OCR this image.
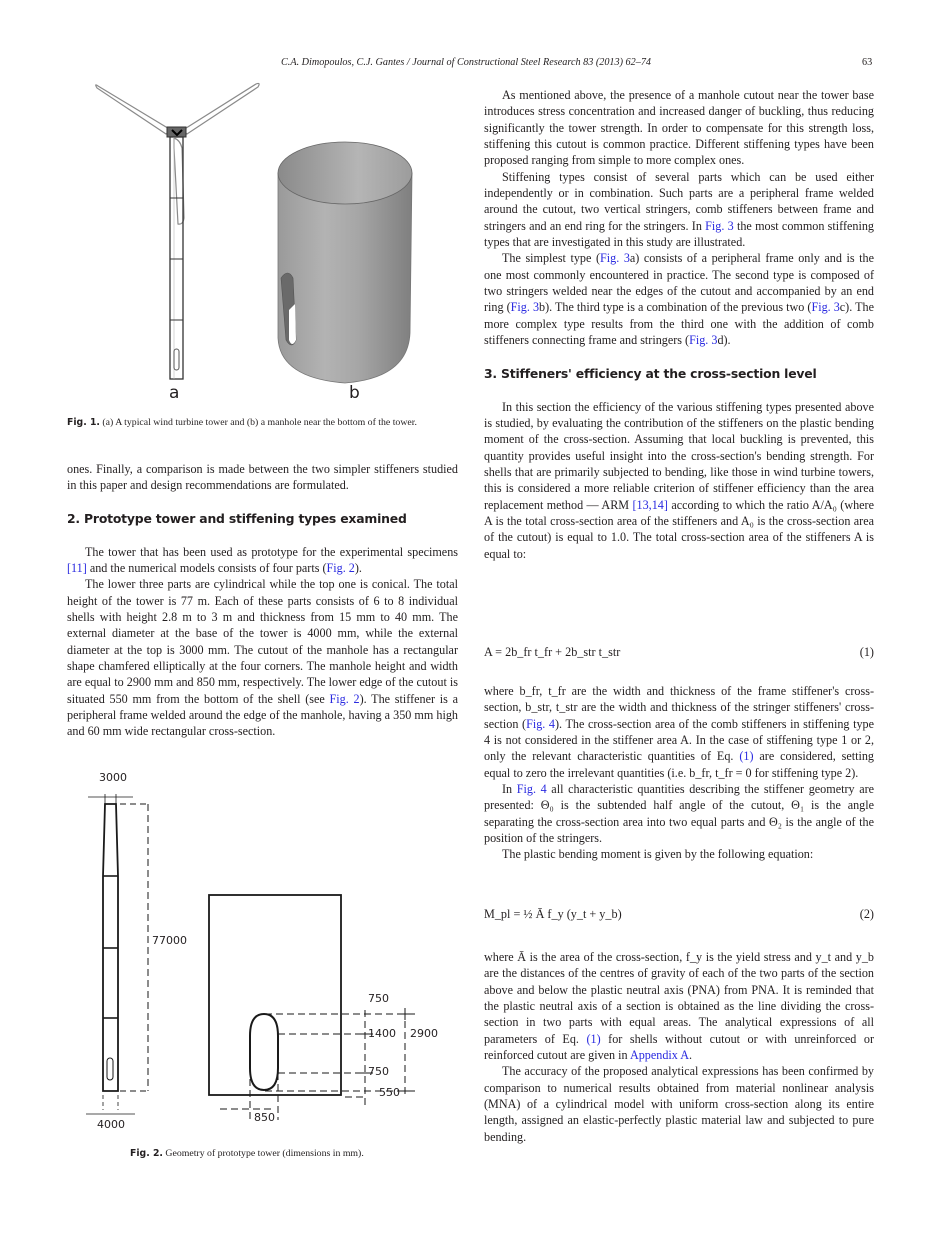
C.A. Dimopoulos, C.J. Gantes / Journal of Constructional Steel Research 83 (2013) 62–74	63
a	b
Fig. 1. (a) A typical wind turbine tower and (b) a manhole near the bottom of the tower.

ones. Finally, a comparison is made between the two simpler stiffeners studied in this paper and design recommendations are formulated.

2. Prototype tower and stiffening types examined

The tower that has been used as prototype for the experimental specimens [11] and the numerical models consists of four parts (Fig. 2).

The lower three parts are cylindrical while the top one is conical. The total height of the tower is 77 m. Each of these parts consists of 6 to 8 individual shells with height 2.8 m to 3 m and thickness from 15 mm to 40 mm. The external diameter at the base of the tower is 4000 mm, while the external diameter at the top is 3000 mm. The cutout of the manhole has a rectangular shape chamfered elliptically at the four corners. The manhole height and width are equal to 2900 mm and 850 mm, respectively. The lower edge of the cutout is situated 550 mm from the bottom of the shell (see Fig. 2). The stiffener is a peripheral frame welded around the edge of the manhole, having a 350 mm high and 60 mm wide rectangular cross-section.

3000
77000
4000
750
1400 2900
750
550
850
Fig. 2. Geometry of prototype tower (dimensions in mm).

As mentioned above, the presence of a manhole cutout near the tower base introduces stress concentration and increased danger of buckling, thus reducing significantly the tower strength. In order to compensate for this strength loss, stiffening this cutout is common practice. Different stiffening types have been proposed ranging from simple to more complex ones.

Stiffening types consist of several parts which can be used either independently or in combination. Such parts are a peripheral frame welded around the cutout, two vertical stringers, comb stiffeners between frame and stringers and an end ring for the stringers. In Fig. 3 the most common stiffening types that are investigated in this study are illustrated.

The simplest type (Fig. 3a) consists of a peripheral frame only and is the one most commonly encountered in practice. The second type is composed of two stringers welded near the edges of the cutout and accompanied by an end ring (Fig. 3b). The third type is a combination of the previous two (Fig. 3c). The more complex type results from the third one with the addition of comb stiffeners connecting frame and stringers (Fig. 3d).

3. Stiffeners' efficiency at the cross-section level

In this section the efficiency of the various stiffening types presented above is studied, by evaluating the contribution of the stiffeners on the plastic bending moment of the cross-section. Assuming that local buckling is prevented, this quantity provides useful insight into the cross-section's bending strength. For shells that are primarily subjected to bending, like those in wind turbine towers, this is considered a more reliable criterion of stiffener efficiency than the area replacement method — ARM [13,14] according to which the ratio A/A₀ (where A is the total cross-section area of the stiffeners and A₀ is the cross-section area of the cutout) is equal to 1.0. The total cross-section area of the stiffeners A is equal to:

A = 2b_fr t_fr + 2b_str t_str	(1)

where b_fr, t_fr are the width and thickness of the frame stiffener's cross-section, b_str, t_str are the width and thickness of the stringer stiffeners' cross-section (Fig. 4). The cross-section area of the comb stiffeners in stiffening type 4 is not considered in the stiffener area A. In the case of stiffening type 1 or 2, only the relevant characteristic quantities of Eq. (1) are considered, setting equal to zero the irrelevant quantities (i.e. b_fr, t_fr = 0 for stiffening type 2).

In Fig. 4 all characteristic quantities describing the stiffener geometry are presented: Θ₀ is the subtended half angle of the cutout, Θ₁ is the angle separating the cross-section area into two equal parts and Θ₂ is the angle of the position of the stringers.

The plastic bending moment is given by the following equation:

M_pl = ½ Ā f_y (y_t + y_b)	(2)

where Ā is the area of the cross-section, f_y is the yield stress and y_t and y_b are the distances of the centres of gravity of each of the two parts of the section above and below the plastic neutral axis (PNA) from PNA. It is reminded that the plastic neutral axis of a section is obtained as the line dividing the cross-section in two parts with equal areas. The analytical expressions of all parameters of Eq. (1) for shells without cutout or with unreinforced or reinforced cutout are given in Appendix A.

The accuracy of the proposed analytical expressions has been confirmed by comparison to numerical results obtained from material nonlinear analysis (MNA) of a cylindrical model with uniform cross-section along its entire length, assigned an elastic-perfectly plastic material law and subjected to pure bending.
